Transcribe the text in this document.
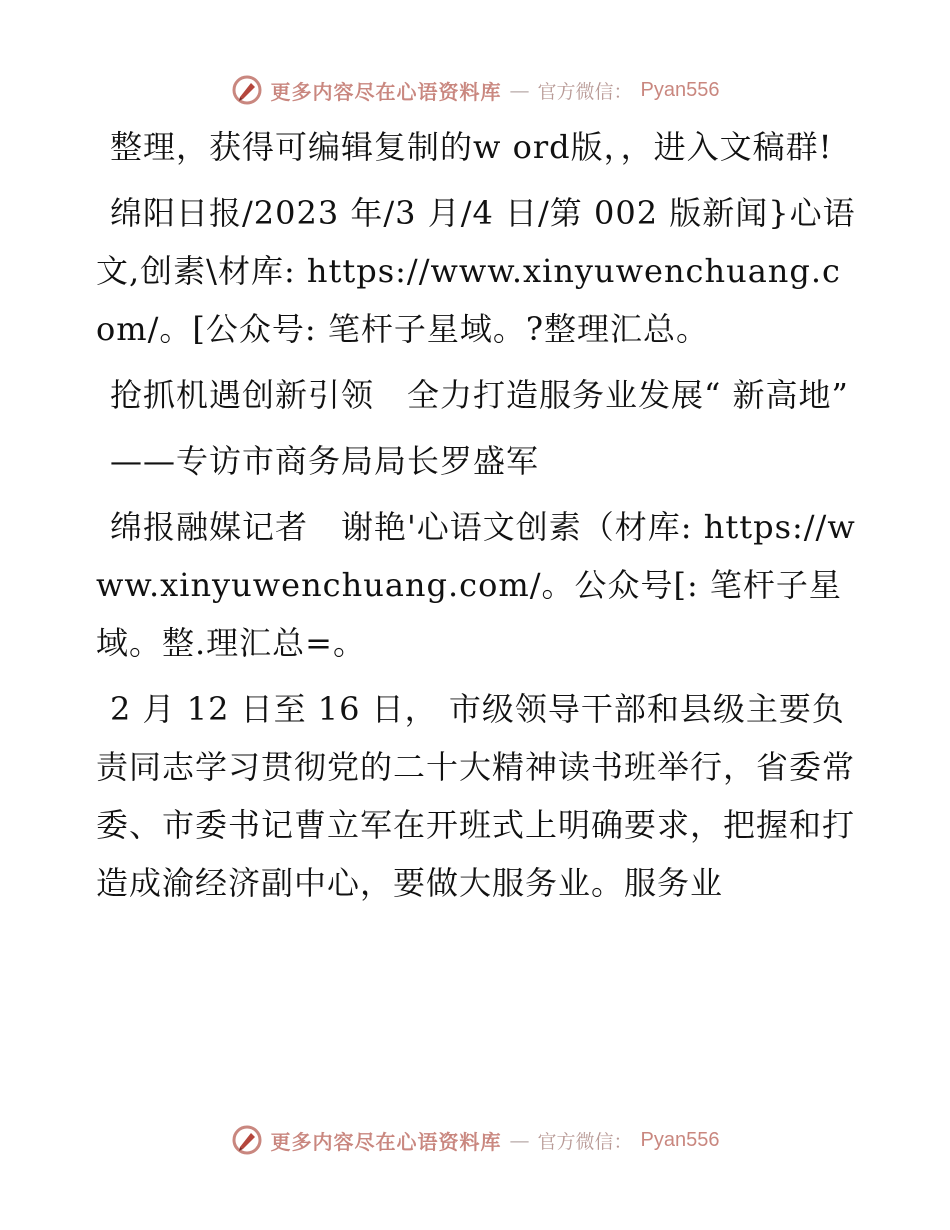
更多内容尽在心语资料库 — 官方微信： Pyan556

整理，获得可编辑复制的w ord版，，进入文稿群!

绵阳日报/2023 年/3 月/4 日/第 002 版新闻}心语文,创素\材库: https://www.xinyuwenchuang.com/。[公众号: 笔杆子星域。?整理汇总。

抢抓机遇创新引领　全力打造服务业发展“ 新高地”

——专访市商务局局长罗盛军

绵报融媒记者　谢艳'心语文创素（材库: https://www.xinyuwenchuang.com/。公众号[: 笔杆子星域。整.理汇总=。

2 月 12 日至 16 日， 市级领导干部和县级主要负责同志学习贯彻党的二十大精神读书班举行，省委常委、市委书记曹立军在开班式上明确要求，把握和打造成渝经济副中心，要做大服务业。服务业

更多内容尽在心语资料库 — 官方微信： Pyan556
